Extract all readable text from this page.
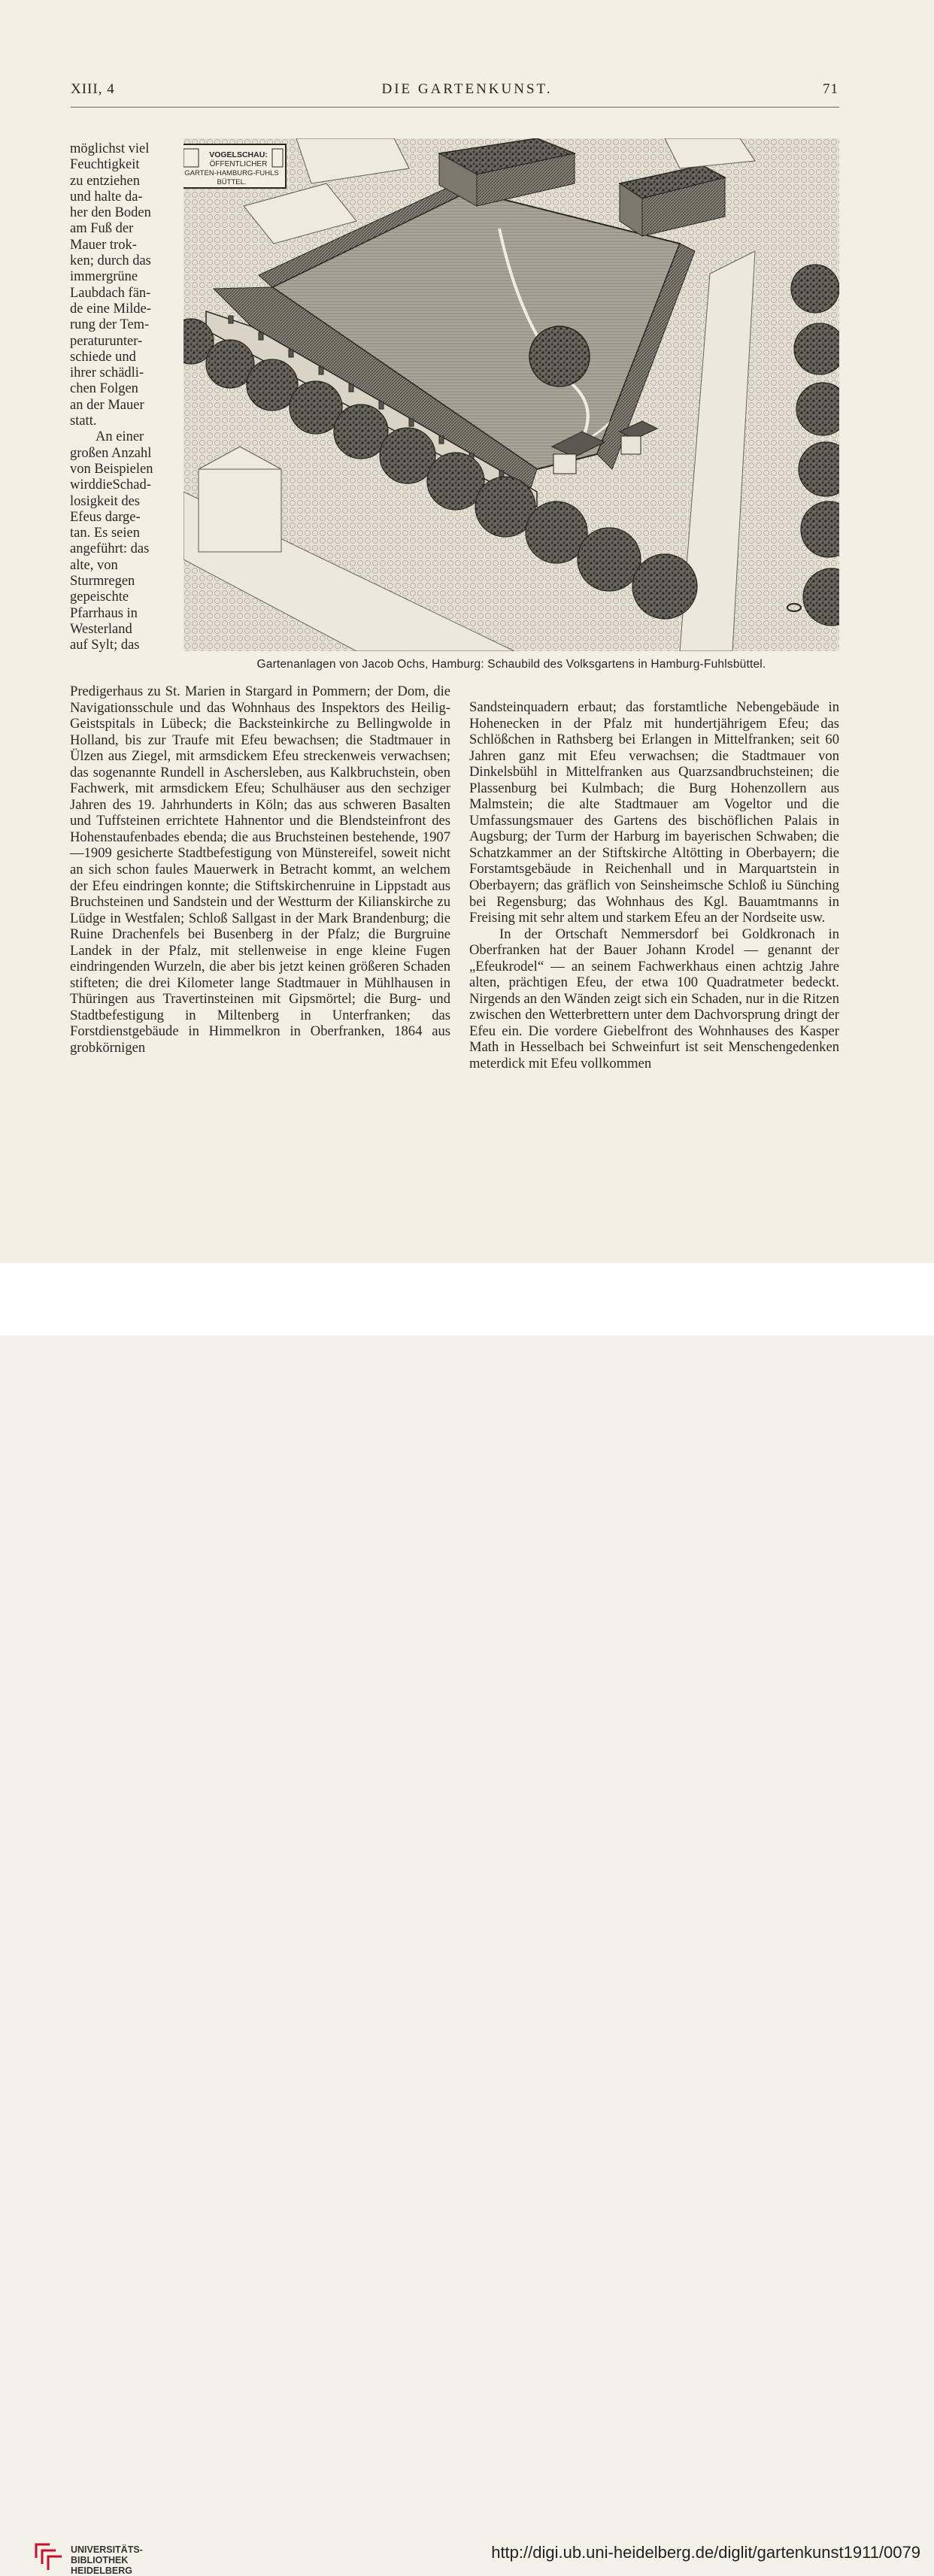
XIII, 4	DIE GARTENKUNST.	71
möglichst viel
Feuchtigkeit
zu entziehen
und halte da-
her den Boden
am Fuß der
Mauer trok-
ken; durch das
immergrüne
Laubdach fän-
de eine Milde-
rung der Tem-
peraturunter-
schiede und
ihrer schädli-
chen Folgen
an der Mauer
statt.
An einer
großen Anzahl
von Beispielen
wirddieSchad-
losigkeit des
Efeus darge-
tan. Es seien
angeführt: das
alte, von
Sturmregen
gepeischte
Pfarrhaus in
Westerland
auf Sylt; das
VOGELSCHAU:
ÖFFENTLICHER
GARTEN-HAMBURG-FUHLS
BÜTTEL.
Gartenanlagen von Jacob Ochs, Hamburg: Schaubild des Volksgartens in Hamburg-Fuhlsbüttel.

Predigerhaus zu St. Marien in Stargard in Pommern; der Dom, die Navigationsschule und das Wohnhaus des Inspektors des Heilig-Geistspitals in Lübeck; die Backsteinkirche zu Bellingwolde in Holland, bis zur Traufe mit Efeu bewachsen; die Stadtmauer in Ülzen aus Ziegel, mit armsdickem Efeu streckenweis verwachsen; das sogenannte Rundell in Aschersleben, aus Kalkbruchstein, oben Fachwerk, mit armsdickem Efeu; Schulhäuser aus den sechziger Jahren des 19. Jahrhunderts in Köln; das aus schweren Basalten und Tuffsteinen errichtete Hahnentor und die Blendsteinfront des Hohenstaufenbades ebenda; die aus Bruchsteinen bestehende, 1907—1909 gesicherte Stadtbefestigung von Münstereifel, soweit nicht an sich schon faules Mauerwerk in Betracht kommt, an welchem der Efeu eindringen konnte; die Stiftskirchenruine in Lippstadt aus Bruchsteinen und Sandstein und der Westturm der Kilianskirche zu Lüdge in Westfalen; Schloß Sallgast in der Mark Brandenburg; die Ruine Drachenfels bei Busenberg in der Pfalz; die Burgruine Landek in der Pfalz, mit stellenweise in enge kleine Fugen eindringenden Wurzeln, die aber bis jetzt keinen größeren Schaden stifteten; die drei Kilometer lange Stadtmauer in Mühlhausen in Thüringen aus Travertinsteinen mit Gipsmörtel; die Burg- und Stadtbefestigung in Miltenberg in Unterfranken; das Forstdienstgebäude in Himmelkron in Oberfranken, 1864 aus grobkörnigen

Sandsteinquadern erbaut; das forstamtliche Nebengebäude in Hohenecken in der Pfalz mit hundertjährigem Efeu; das Schlößchen in Rathsberg bei Erlangen in Mittelfranken; seit 60 Jahren ganz mit Efeu verwachsen; die Stadtmauer von Dinkelsbühl in Mittelfranken aus Quarzsandbruchsteinen; die Plassenburg bei Kulmbach; die Burg Hohenzollern aus Malmstein; die alte Stadtmauer am Vogeltor und die Umfassungsmauer des Gartens des bischöflichen Palais in Augsburg; der Turm der Harburg im bayerischen Schwaben; die Schatzkammer an der Stiftskirche Altötting in Oberbayern; die Forstamtsgebäude in Reichenhall und in Marquartstein in Oberbayern; das gräflich von Seinsheimsche Schloß iu Sünching bei Regensburg; das Wohnhaus des Kgl. Bauamtmanns in Freising mit sehr altem und starkem Efeu an der Nordseite usw.

In der Ortschaft Nemmersdorf bei Goldkronach in Oberfranken hat der Bauer Johann Krodel — genannt der „Efeukrodel“ — an seinem Fachwerkhaus einen achtzig Jahre alten, prächtigen Efeu, der etwa 100 Quadratmeter bedeckt. Nirgends an den Wänden zeigt sich ein Schaden, nur in die Ritzen zwischen den Wetterbrettern unter dem Dachvorsprung dringt der Efeu ein. Die vordere Giebelfront des Wohnhauses des Kasper Math in Hesselbach bei Schweinfurt ist seit Menschengedenken meterdick mit Efeu vollkommen

UNIVERSITÄTS-
BIBLIOTHEK
HEIDELBERG
http://digi.ub.uni-heidelberg.de/diglit/gartenkunst1911/0079
